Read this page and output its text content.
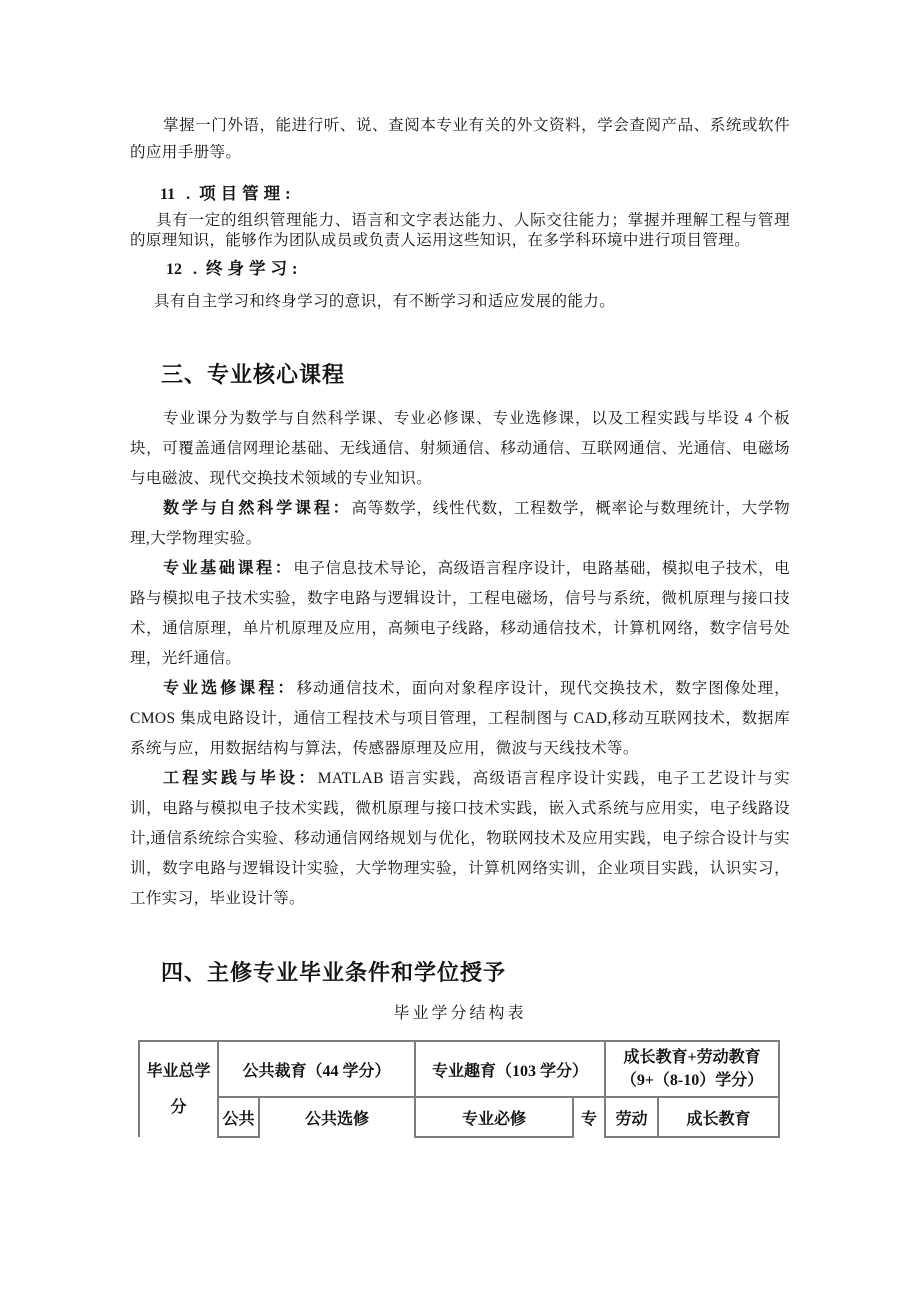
掌握一门外语，能进行听、说、查阅本专业有关的外文资料，学会查阅产品、系统或软件的应用手册等。

11 . 项目管理:

具有一定的组织管理能力、语言和文字表达能力、人际交往能力；掌握并理解工程与管理的原理知识，能够作为团队成员或负责人运用这些知识，在多学科环境中进行项目管理。

12 . 终身学习:

具有自主学习和终身学习的意识，有不断学习和适应发展的能力。

三、专业核心课程

专业课分为数学与自然科学课、专业必修课、专业选修课，以及工程实践与毕设 4 个板块，可覆盖通信网理论基础、无线通信、射频通信、移动通信、互联网通信、光通信、电磁场与电磁波、现代交换技术领域的专业知识。

数学与自然科学课程：高等数学，线性代数，工程数学，概率论与数理统计，大学物理,大学物理实验。

专业基础课程：电子信息技术导论，高级语言程序设计，电路基础，模拟电子技术，电路与模拟电子技术实验，数字电路与逻辑设计，工程电磁场，信号与系统，微机原理与接口技术，通信原理，单片机原理及应用，高频电子线路，移动通信技术，计算机网络，数字信号处理，光纤通信。

专业选修课程：移动通信技术，面向对象程序设计，现代交换技术，数字图像处理，CMOS 集成电路设计，通信工程技术与项目管理，工程制图与 CAD,移动互联网技术，数据库系统与应，用数据结构与算法，传感器原理及应用，微波与天线技术等。

工程实践与毕设：MATLAB 语言实践，高级语言程序设计实践，电子工艺设计与实训，电路与模拟电子技术实践，微机原理与接口技术实践，嵌入式系统与应用实，电子线路设计,通信系统综合实验、移动通信网络规划与优化，物联网技术及应用实践，电子综合设计与实训，数字电路与逻辑设计实验，大学物理实验，计算机网络实训，企业项目实践，认识实习，工作实习，毕业设计等。

四、主修专业毕业条件和学位授予

毕业学分结构表

毕业总学分	公共裁育（44 学分）		专业趣育（103 学分）		成长教育+劳动教育（9+（8-10）学分）	
	公共	公共选修	专业必修	专	劳动	成长教育
